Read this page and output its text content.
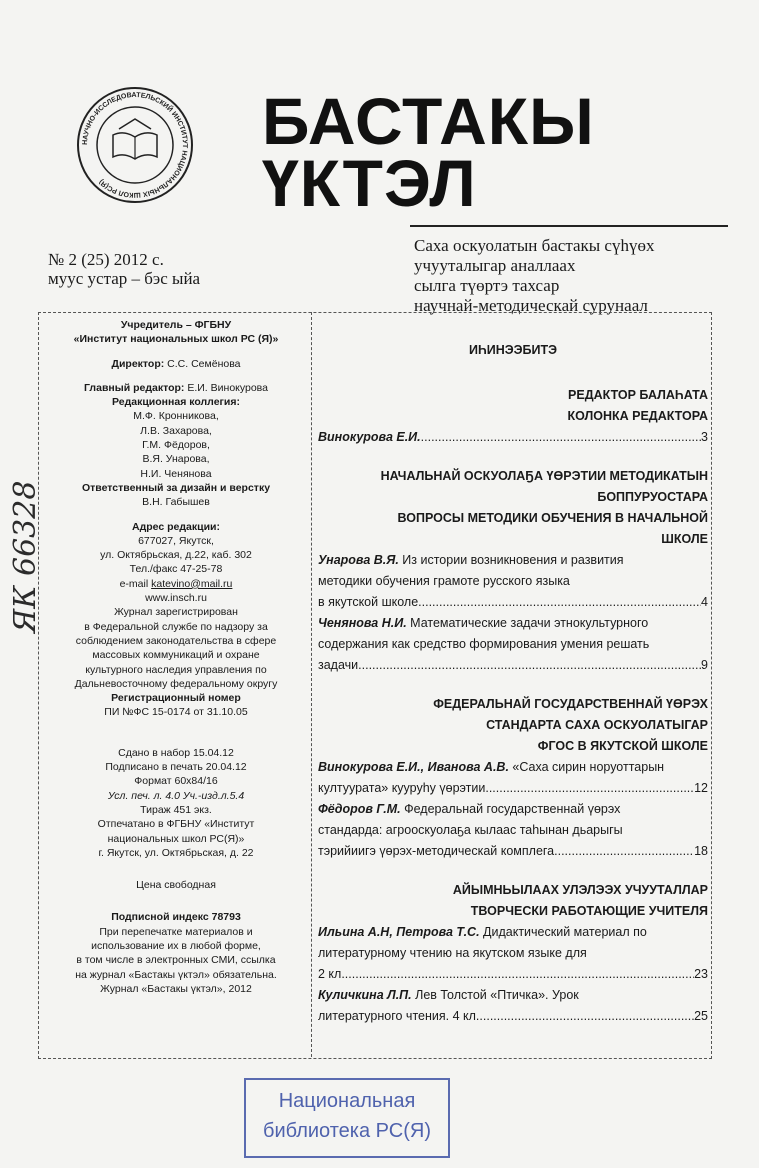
НАУЧНО-ИССЛЕДОВАТЕЛЬСКИЙ ИНСТИТУТ НАЦИОНАЛЬНЫХ ШКОЛ РС(Я)
БАСТАКЫ
ҮКТЭЛ
№ 2 (25) 2012 с.
муус устар – бэс ыйа
Саха оскуолатын бастакы сүһүөх
учууталыгар аналлаах
сылга түөртэ тахсар
научнай-методическай сурунаал

Учредитель – ФГБНУ

«Институт национальных школ РС (Я)»

Директор: С.С. Семёнова

Главный редактор: Е.И. Винокурова

Редакционная коллегия:

М.Ф. Кронникова,

Л.В. Захарова,

Г.М. Фёдоров,

В.Я. Унарова,

Н.И. Ченянова

Ответственный за дизайн и верстку

В.Н. Габышев

Адрес редакции:

677027, Якутск,

ул. Октябрьская, д.22, каб. 302

Тел./факс 47-25-78

e-mail katevino@mail.ru

www.insch.ru

Журнал зарегистрирован

в Федеральной службе по надзору за

соблюдением законодательства в сфере

массовых коммуникаций и охране

культурного наследия управления по

Дальневосточному федеральному округу

Регистрационный номер

ПИ №ФС 15-0174 от 31.10.05

Сдано в набор 15.04.12

Подписано в печать 20.04.12

Формат 60х84/16

Усл. печ. л. 4.0 Уч.-изд.л.5.4

Тираж 451 экз.

Отпечатано в ФГБНУ «Институт

национальных школ РС(Я)»

г. Якутск, ул. Октябрьская, д. 22

Цена свободная

Подписной индекс 78793

При перепечатке материалов и

использование их в любой форме,

в том числе в электронных СМИ, ссылка

на журнал «Бастакы үктэл» обязательна.

Журнал «Бастакы үктэл», 2012

ИҺИНЭЭБИТЭ
РЕДАКТОР БАЛАҺАТА
КОЛОНКА РЕДАКТОРА
Винокурова Е.И. .....	3
НАЧАЛЬНАЙ ОСКУОЛАҔА ҮӨРЭТИИ МЕТОДИКАТЫН
БОППУРУОСТАРА
ВОПРОСЫ МЕТОДИКИ ОБУЧЕНИЯ В НАЧАЛЬНОЙ
ШКОЛЕ
Унарова В.Я. Из истории возникновения и развития
методики обучения грамоте русского языка
в якутской школе .....	4
Ченянова Н.И. Математические задачи этнокультурного
содержания как средство формирования умения решать
задачи .....	9
ФЕДЕРАЛЬНАЙ ГОСУДАРСТВЕННАЙ ҮӨРЭХ
СТАНДАРТА САХА ОСКУОЛАТЫГАР
ФГОС В ЯКУТСКОЙ ШКОЛЕ
Винокурова Е.И., Иванова А.В. «Саха сирин норуоттарын
култуурата» кууруһу үөрэтии .....	12
Фёдоров Г.М. Федеральнай государственнай үөрэх
стандарда: агрооскуолаҕа кылаас таһынан дьарыгы
тэрийиигэ үөрэх-методическай комплега .....	18
АЙЫМНЬЫЛААХ УЛЭЛЭЭХ УЧУУТАЛЛАР
ТВОРЧЕСКИ РАБОТАЮЩИЕ УЧИТЕЛЯ
Ильина А.Н, Петрова Т.С. Дидактический материал по
литературному чтению на якутском языке для
2 кл .....	23
Куличкина Л.П. Лев Толстой «Птичка». Урок
литературного чтения. 4 кл .....	25
ЯК 66328
Национальная
библиотека РС(Я)
